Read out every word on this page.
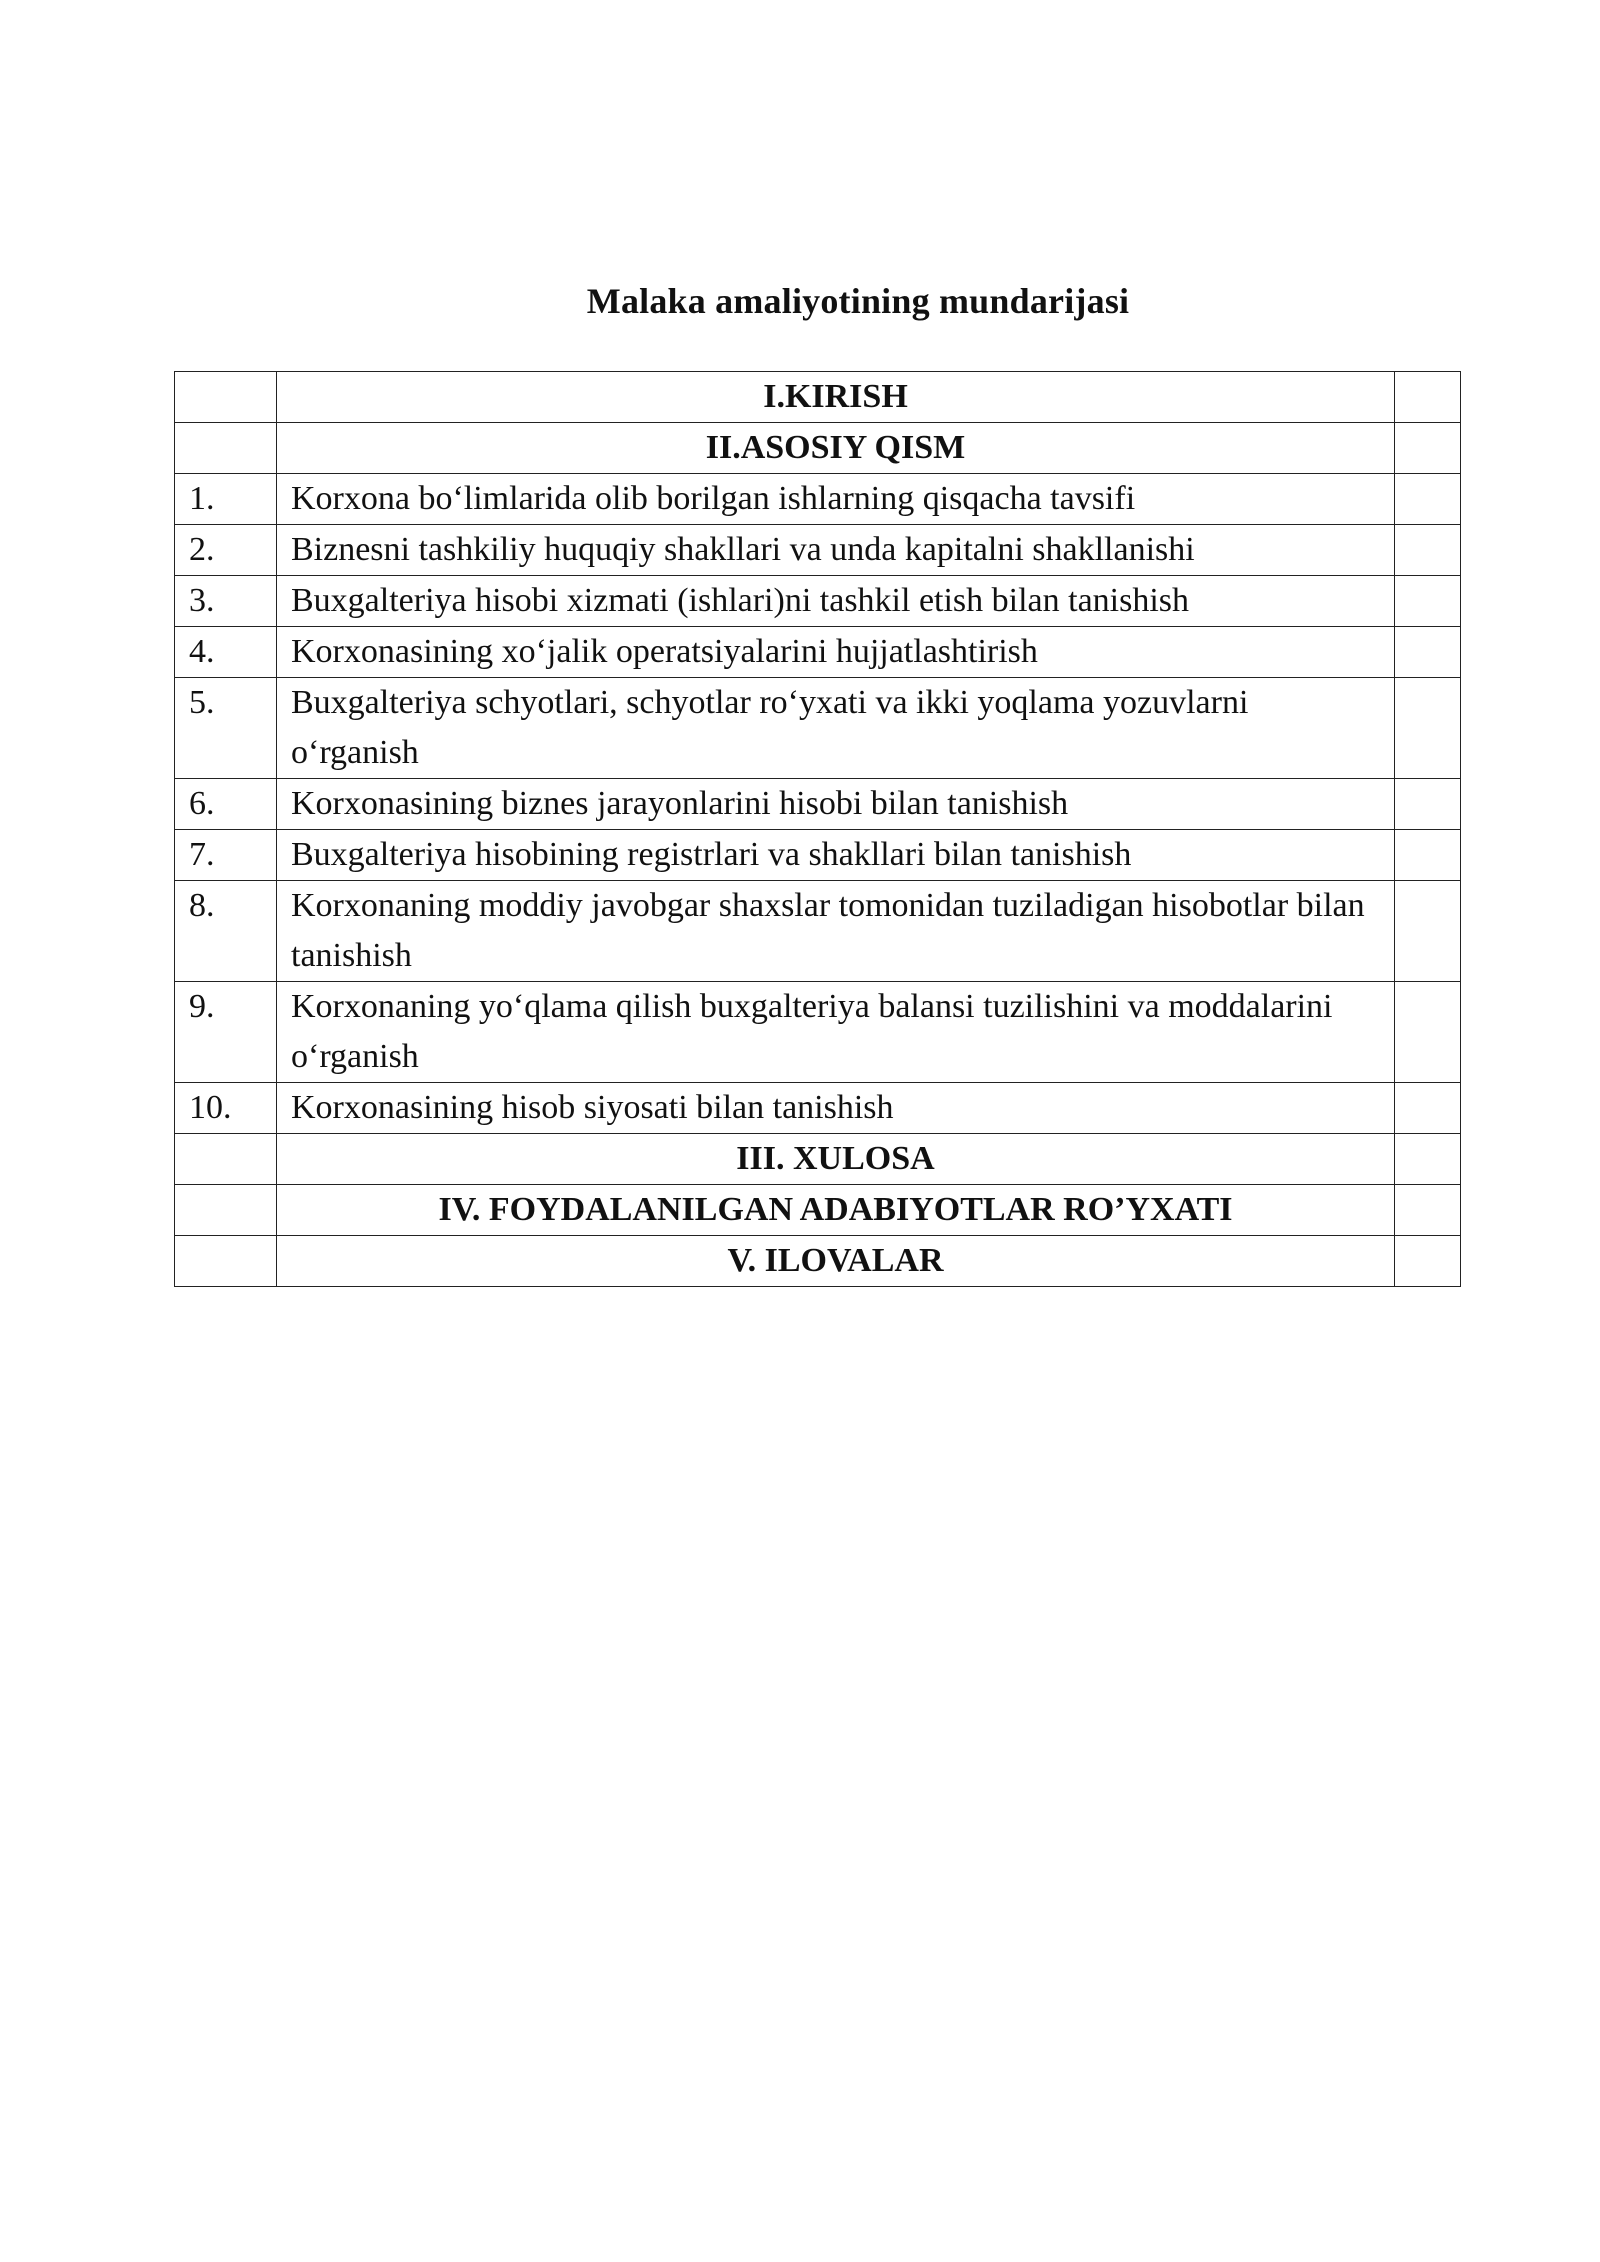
Malaka amaliyotining mundarijasi
	I.KIRISH	
	II.ASOSIY QISM	
1.	Korxona bo‘limlarida olib borilgan ishlarning qisqacha tavsifi	
2.	Biznesni tashkiliy huquqiy shakllari va unda kapitalni shakllanishi	
3.	Buxgalteriya hisobi xizmati (ishlari)ni tashkil etish bilan tanishish	
4.	Korxonasining xo‘jalik operatsiyalarini hujjatlashtirish	
5.	Buxgalteriya schyotlari, schyotlar ro‘yxati va ikki yoqlama yozuvlarni o‘rganish	
6.	Korxonasining biznes jarayonlarini hisobi bilan tanishish	
7.	Buxgalteriya hisobining registrlari va shakllari bilan tanishish	
8.	Korxonaning moddiy javobgar shaxslar tomonidan tuziladigan hisobotlar bilan tanishish	
9.	Korxonaning yo‘qlama qilish buxgalteriya balansi tuzilishini va moddalarini o‘rganish	
10.	Korxonasining hisob siyosati bilan tanishish	
	III. XULOSA	
	IV. FOYDALANILGAN ADABIYOTLAR RO’YXATI	
	V. ILOVALAR	
